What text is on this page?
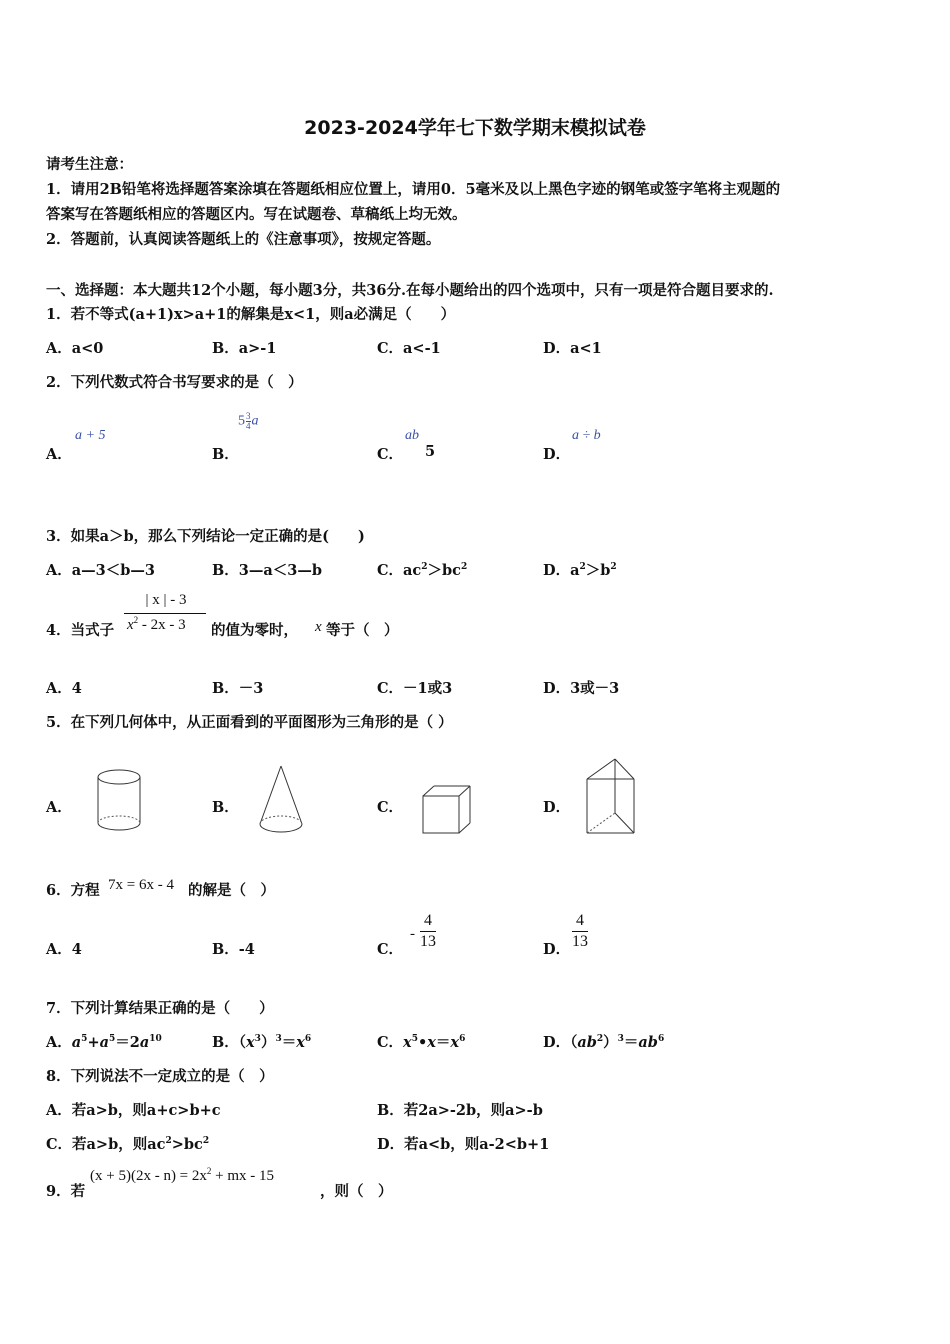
2023-2024学年七下数学期末模拟试卷
请考生注意：
1．请用2B铅笔将选择题答案涂填在答题纸相应位置上，请用0．5毫米及以上黑色字迹的钢笔或签字笔将主观题的
答案写在答题纸相应的答题区内。写在试题卷、草稿纸上均无效。
2．答题前，认真阅读答题纸上的《注意事项》，按规定答题。
一、选择题：本大题共12个小题，每小题3分，共36分.在每小题给出的四个选项中，只有一项是符合题目要求的.
1．若不等式(a+1)x>a+1的解集是x<1，则a必满足（　　）
A．a<0	B．a>-1	C．a<-1	D．a<1
2．下列代数式符合书写要求的是（　）
A．
a + 5
B．
$5 \frac{3}{4}$ a
C．
ab
5	D．
a ÷ b
3．如果a＞b，那么下列结论一定正确的是(　　)
A．a—3＜b—3	B．3—a＜3—b	C．$ac^2>bc^2$	D．$a^2>b^2$
4．当式子
| x | - 3
$x^2 - 2x - 3$ 的值为零时， x 等于（　）
A．4	B．－3	C．－1或3	D．3或－3
5．在下列几何体中，从正面看到的平面图形为三角形的是（ ）
A．	B．	C．	D．
6．方程 7x = 6x - 4 的解是（　）
A．4	B．-4	C．
- $\frac{4}{13}$	D． $\frac{4}{13}$
7．下列计算结果正确的是（　　）
A．$a^5+a^5=2a^{10}$	B．$(x^3)^3=x^6$	C．$x^5•x=x^6$	D．$(ab^2)^3=ab^6$
8．下列说法不一定成立的是（　）
A．若a>b，则a+c>b+c	B．若2a>-2b，则a>-b
C．若a>b，则$ac^2>bc^2$	D．若a<b，则a-2<b+1
9．若
$(x + 5)(2x - n) = 2x^2$ + mx - 15
，则（　）
